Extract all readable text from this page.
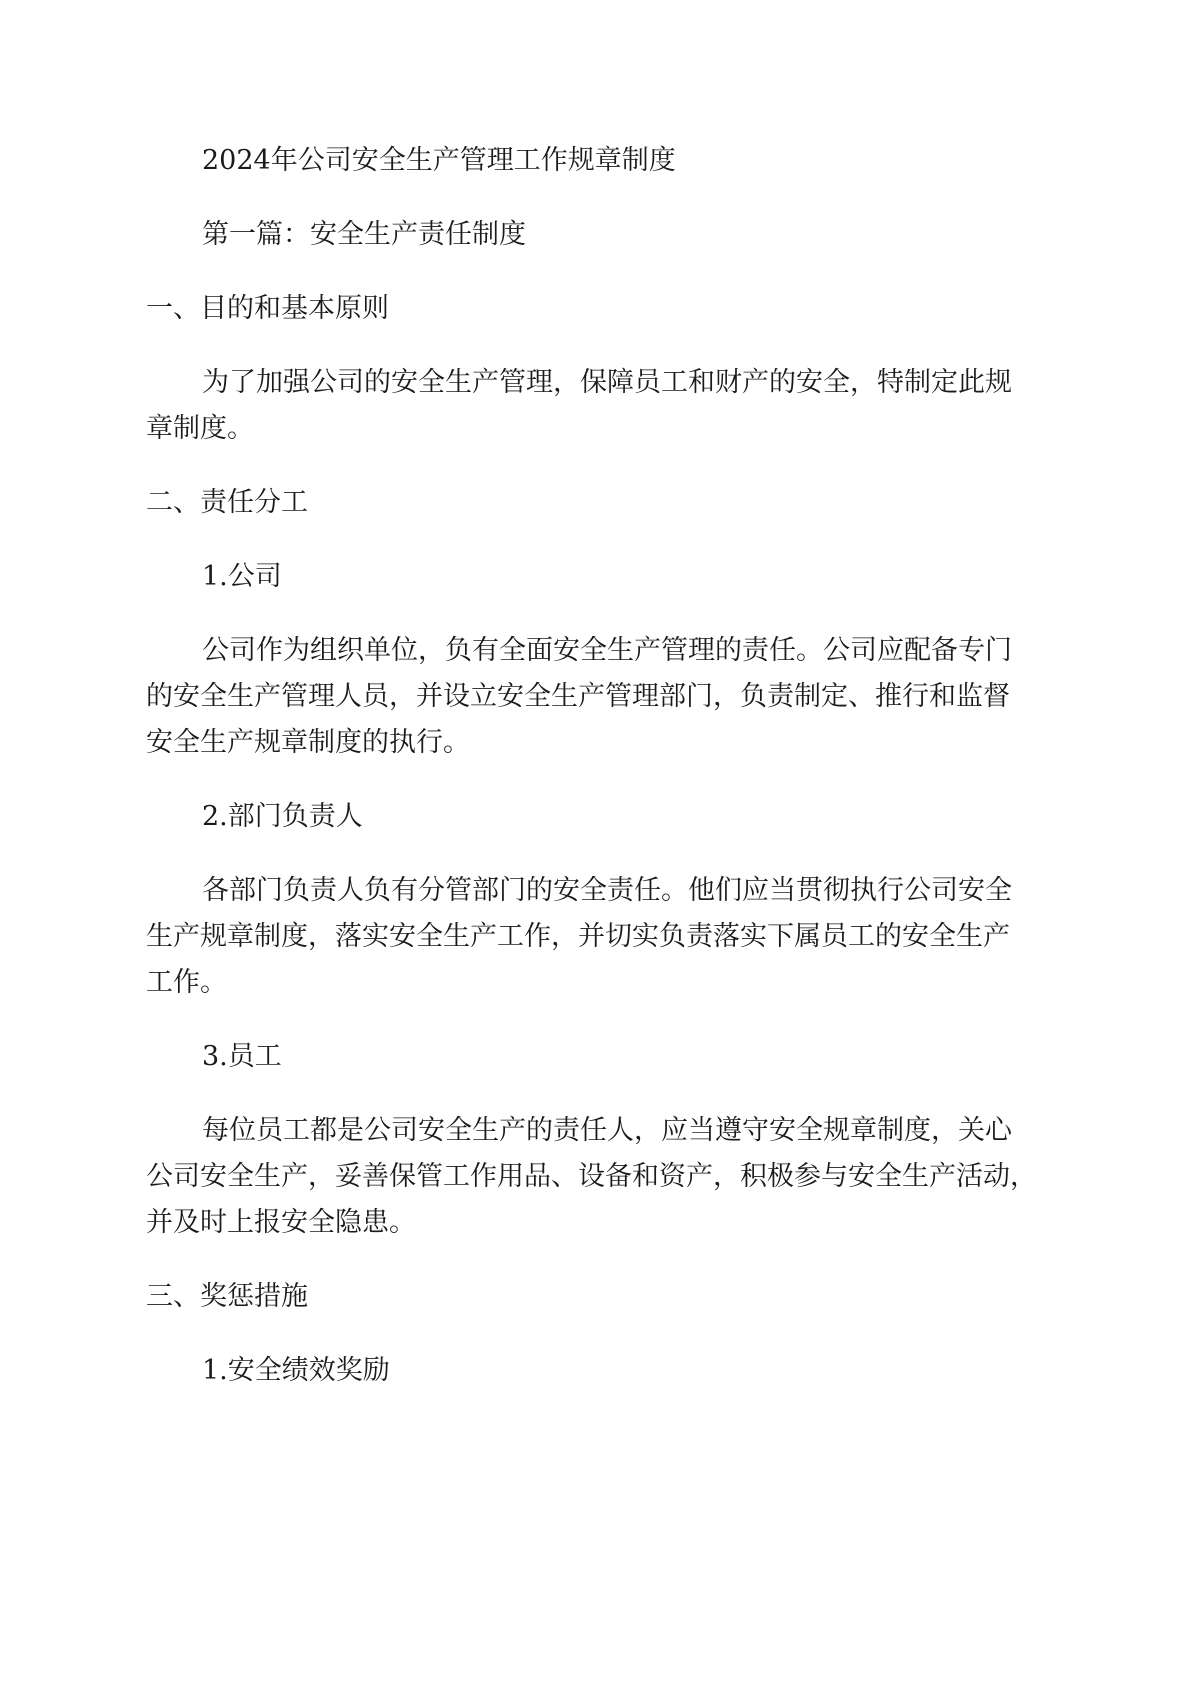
2024年公司安全生产管理工作规章制度

第一篇：安全生产责任制度

一、目的和基本原则

为了加强公司的安全生产管理，保障员工和财产的安全，特制定此规

章制度。

二、责任分工

1.公司

公司作为组织单位，负有全面安全生产管理的责任。公司应配备专门

的安全生产管理人员，并设立安全生产管理部门，负责制定、推行和监督

安全生产规章制度的执行。

2.部门负责人

各部门负责人负有分管部门的安全责任。他们应当贯彻执行公司安全

生产规章制度，落实安全生产工作，并切实负责落实下属员工的安全生产

工作。

3.员工

每位员工都是公司安全生产的责任人，应当遵守安全规章制度，关心

公司安全生产，妥善保管工作用品、设备和资产，积极参与安全生产活动，

并及时上报安全隐患。

三、奖惩措施

1.安全绩效奖励
